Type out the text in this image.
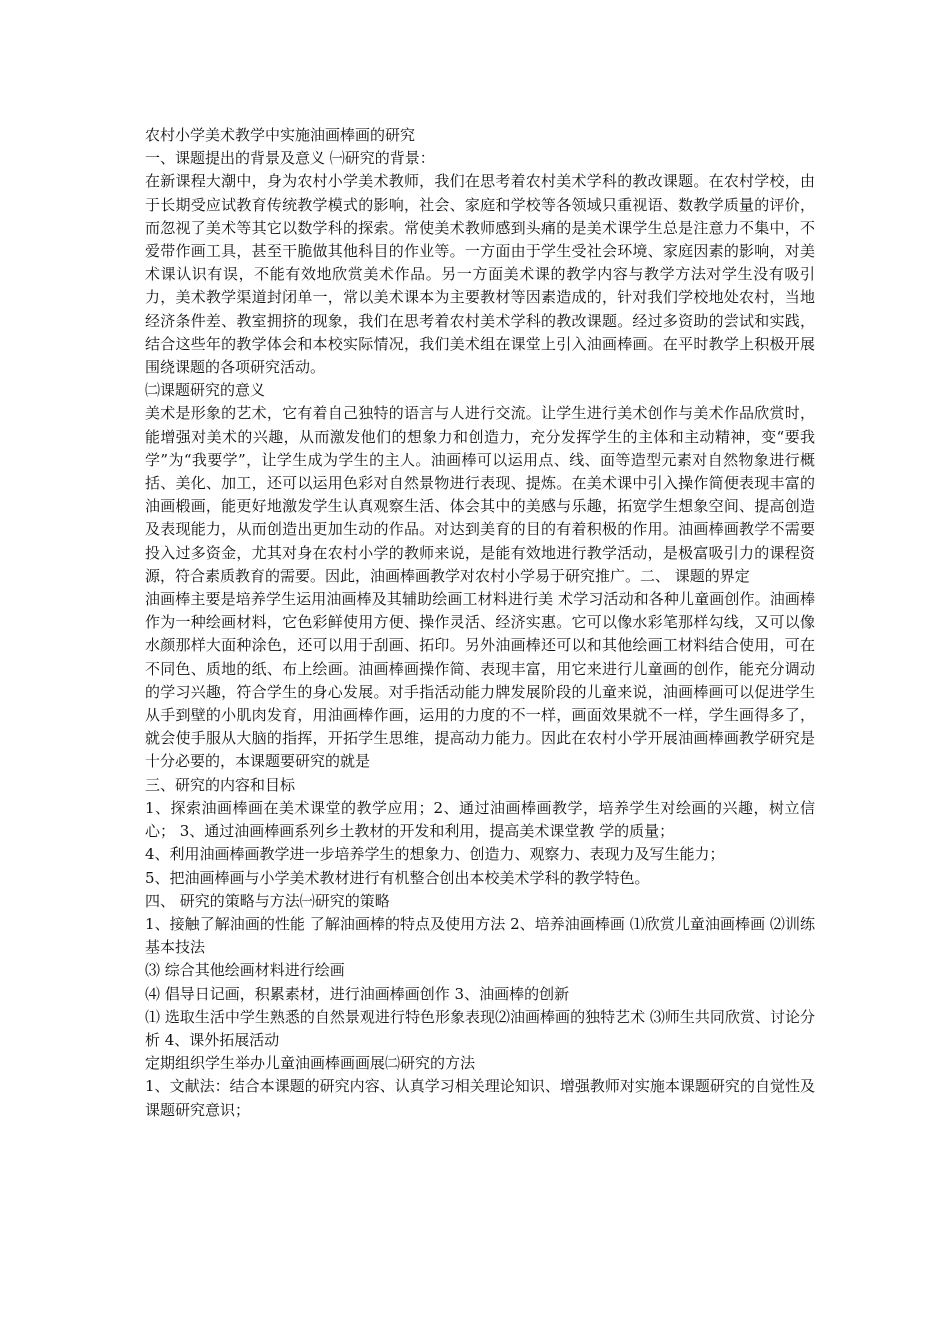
农村小学美术教学中实施油画棒画的研究

一、课题提出的背景及意义 ㈠研究的背景：

在新课程大潮中，身为农村小学美术教师，我们在思考着农村美术学科的教改课题。在农村学校，由于长期受应试教育传统教学模式的影响，社会、家庭和学校等各领域只重视语、数教学质量的评价，而忽视了美术等其它以数学科的探索。常使美术教师感到头痛的是美术课学生总是注意力不集中，不爱带作画工具，甚至干脆做其他科目的作业等。一方面由于学生受社会环境、家庭因素的影响，对美术课认识有误，不能有效地欣赏美术作品。另一方面美术课的教学内容与教学方法对学生没有吸引力，美术教学渠道封闭单一，常以美术课本为主要教材等因素造成的，针对我们学校地处农村，当地经济条件差、教室拥挤的现象，我们在思考着农村美术学科的教改课题。经过多资助的尝试和实践，结合这些年的教学体会和本校实际情况，我们美术组在课堂上引入油画棒画。在平时教学上积极开展围绕课题的各项研究活动。

㈡课题研究的意义

美术是形象的艺术，它有着自己独特的语言与人进行交流。让学生进行美术创作与美术作品欣赏时，能增强对美术的兴趣，从而激发他们的想象力和创造力，充分发挥学生的主体和主动精神，变“要我学”为“我要学”，让学生成为学生的主人。油画棒可以运用点、线、面等造型元素对自然物象进行概括、美化、加工，还可以运用色彩对自然景物进行表现、提炼。在美术课中引入操作简便表现丰富的油画椴画，能更好地激发学生认真观察生活、体会其中的美感与乐趣，拓宽学生想象空间、提高创造及表现能力，从而创造出更加生动的作品。对达到美育的目的有着积极的作用。油画棒画教学不需要投入过多资金，尤其对身在农村小学的教师来说，是能有效地进行教学活动，是极富吸引力的课程资源，符合素质教育的需要。因此，油画棒画教学对农村小学易于研究推广。二、 课题的界定

油画棒主要是培养学生运用油画棒及其辅助绘画工材料进行美 术学习活动和各种儿童画创作。油画棒作为一种绘画材料，它色彩鲜使用方便、操作灵活、经济实惠。它可以像水彩笔那样勾线，又可以像水颜那样大面种涂色，还可以用于刮画、拓印。另外油画棒还可以和其他绘画工材料结合使用，可在不同色、质地的纸、布上绘画。油画棒画操作简、表现丰富，用它来进行儿童画的创作，能充分调动的学习兴趣，符合学生的身心发展。对手指活动能力牌发展阶段的儿童来说，油画棒画可以促进学生从手到壁的小肌肉发育，用油画棒作画，运用的力度的不一样，画面效果就不一样，学生画得多了，就会使手服从大脑的指挥，开拓学生思维，提高动力能力。因此在农村小学开展油画棒画教学研究是十分必要的，本课题要研究的就是

三、研究的内容和目标

1、探索油画棒画在美术课堂的教学应用；2、通过油画棒画教学，培养学生对绘画的兴趣，树立信心； 3、通过油画棒画系列乡土教材的开发和利用，提高美术课堂教 学的质量；

4、利用油画棒画教学进一步培养学生的想象力、创造力、观察力、表现力及写生能力；

5、把油画棒画与小学美术教材进行有机整合创出本校美术学科的教学特色。

四、 研究的策略与方法㈠研究的策略

1、接触了解油画的性能 了解油画棒的特点及使用方法 2、培养油画棒画 ⑴欣赏儿童油画棒画 ⑵训练基本技法

⑶ 综合其他绘画材料进行绘画

⑷ 倡导日记画，积累素材，进行油画棒画创作 3、油画棒的创新

⑴ 选取生活中学生熟悉的自然景观进行特色形象表现⑵油画棒画的独特艺术 ⑶师生共同欣赏、讨论分析 4、课外拓展活动

定期组织学生举办儿童油画棒画画展㈡研究的方法

1、文献法：结合本课题的研究内容、认真学习相关理论知识、增强教师对实施本课题研究的自觉性及课题研究意识；
